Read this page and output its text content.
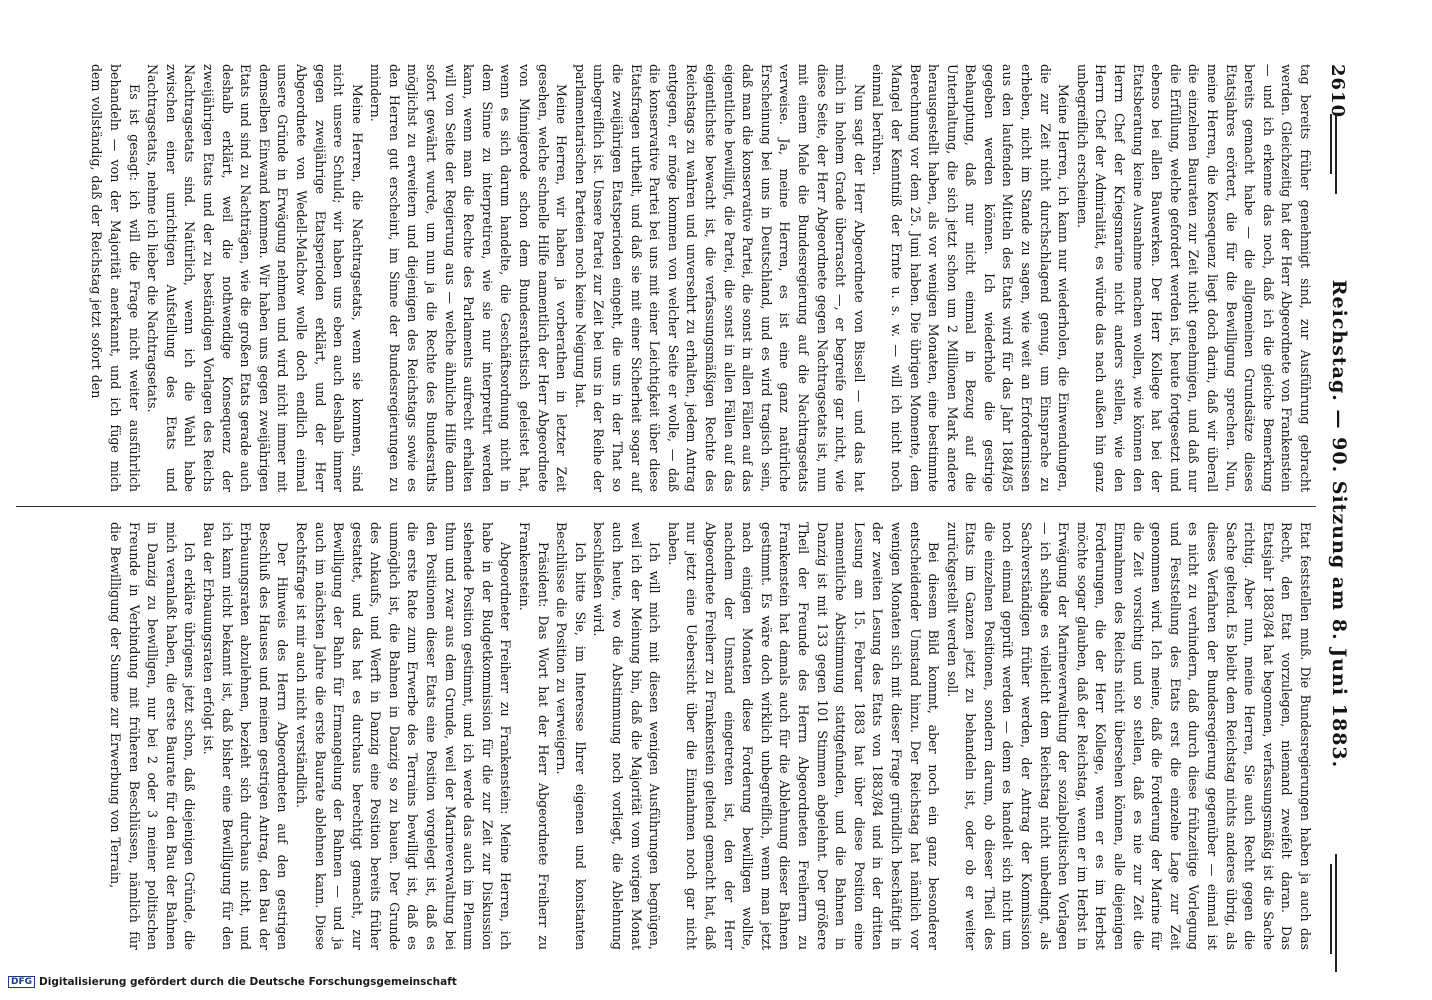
2610
Reichstag. — 90. Sitzung am 8. Juni 1883.

tag bereits früher genehmigt sind, zur Ausführung gebracht werden. Gleichzeitig hat der Herr Abgeordnete von Frankenstein — und ich erkenne das noch, daß ich die gleiche Bemerkung bereits gemacht habe — die allgemeinen Grundsätze dieses Etatsjahres erörtert, die für die Bewilligung sprechen. Nun, meine Herren, die Konsequenz liegt doch darin, daß wir überall die einzelnen Bauraten zur Zeit nicht genehmigen, und daß nur die Erfüllung, welche gefordert werden ist, heute fortgesetzt und ebenso bei allen Bauwerken. Der Herr Kollege hat bei der Etatsberatung keine Ausnahme machen wollen, wie können den Herrn Chef der Kriegsmarine nicht anders stellen, wie den Herrn Chef der Admiralität, es würde das nach außen hin ganz unbegreiflich erscheinen.

Meine Herren, ich kann nur wiederholen, die Einwendungen, die zur Zeit nicht durchschlagend genug, um Einsprache zu erheben, nicht im Stande zu sagen, wie weit an Erfordernissen aus den laufenden Mitteln des Etats wird für das Jahr 1884/85 gegeben werden können. Ich wiederhole die gestrige Behauptung, daß nur nicht einmal in Bezug auf die Unterhaltung, die sich jetzt schon um 2 Millionen Mark andere herausgestellt haben, als vor wenigen Monaten, eine bestimmte Berechnung vor dem 25. Juni haben. Die übrigen Momente, dem Mangel der Kenntniß der Ernte u. s. w. — will ich nicht noch einmal berühren.

Nun sagt der Herr Abgeordnete von Bissell — und das hat mich in hohem Grade überrascht —, er begreife gar nicht, wie diese Seite, der Herr Abgeordnete gegen Nachtragsetats ist, nun mit einem Male die Bundesregierung auf die Nachtragsetats verweise. Ja, meine Herren, es ist eine ganz natürliche Erscheinung bei uns in Deutschland, und es wird tragisch sein, daß man die konservative Partei, die sonst in allen Fällen auf das eigentliche bewilligt, die Partei, die sonst in allen Fällen auf das eigentlichste bewacht ist, die verfassungsmäßigen Rechte des Reichstags zu wahren und unversehrt zu erhalten, jedem Antrag entgegen, er möge kommen von welcher Seite er wolle, — daß die konservative Partei bei uns mit einer Leichtigkeit über diese Etatsfragen urtheilt, und daß sie mit einer Sicherheit sogar auf die zweijährigen Etatsperioden eingeht, die uns in der That so unbegreiflich ist. Unsere Partei zur Zeit bei uns in der Reihe der parlamentarischen Parteien noch keine Neigung hat.

Meine Herren, wir haben ja vorberathen in letzter Zeit gesehen, welche schnelle Hilfe namentlich der Herr Abgeordnete von Minnigerode schon dem Bundesrathstisch geleistet hat, wenn es sich darum handelte, die Geschäftsordnung nicht in dem Sinne zu interpretiren, wie sie nur interpretirt werden kann, wenn man die Rechte des Parlaments aufrecht erhalten will von Seite der Regierung aus — welche ähnliche Hilfe dann sofort gewährt wurde, um nun ja die Rechte des Bundesraths möglichst zu erweitern und diejenigen des Reichstags sowie es den Herren gut erscheint, im Sinne der Bundesregierungen zu mindern.

Meine Herren, die Nachtragsetats, wenn sie kommen, sind nicht unsere Schuld; wir haben uns eben auch deshalb immer gegen zweijährige Etatsperioden erklärt, und der Herr Abgeordnete von Wedell-Malchow wolle doch endlich einmal unsere Gründe in Erwägung nehmen und wird nicht immer mit demselben Einwand kommen. Wir haben uns gegen zweijährigen Etats und sind zu Nachträgen, wie die großen Etats gerade auch deshalb erklärt, weil die nothwendige Konsequenz der zweijährigen Etats und der zu beständigen Vorlagen des Reichs Nachtragsetats sind. Natürlich, wenn ich die Wahl habe zwischen einer unrichtigen Aufstellung des Etats und Nachtragsetats, nehme ich lieber die Nachtragsetats.

Es ist gesagt: ich will die Frage nicht weiter ausführlich behandeln — von der Majorität anerkannt, und ich füge mich dem vollständig, daß der Reichstag jetzt sofort den

Etat feststellen muß. Die Bundesregierungen haben ja auch das Recht, den Etat vorzulegen, niemand zweifelt daran. Das Etatsjahr 1883/84 hat begonnen, verfassungsmäßig ist die Sache richtig. Aber nun, meine Herren, Sie auch Recht gegen die Sache geltend. Es bleibt dem Reichstag nichts anderes übrig, als dieses Verfahren der Bundesregierung gegenüber — einmal ist es nicht zu verhindern, daß durch diese frühzeitige Vorlegung und Feststellung des Etats erst die einzelne Lage zur Zeit genommen wird. Ich meine, daß die Forderung der Marine für die Zeit vorsichtig und so stellen, daß es nie zur Zeit die Einnahmen des Reichs nicht übersehen können, alle diejenigen Forderungen, die der Herr Kollege, wenn er es im Herbst möchte sogar glauben, daß der Reichstag, wenn er im Herbst in Erwägung der Marineverwaltung der sozialpolitischen Vorlagen — ich schlage es vielleicht dem Reichstag nicht unbedingt, als Sachverständigen früher werden, der Antrag der Kommission noch einmal geprüft werden — denn es handelt sich nicht um die einzelnen Positionen, sondern darum, ob dieser Theil des Etats im Ganzen jetzt zu behandeln ist, oder ob er weiter zurückgestellt werden soll.

Bei diesem Bild kommt, aber noch ein ganz besonderer entscheidender Umstand hinzu. Der Reichstag hat nämlich vor wenigen Monaten sich mit dieser Frage gründlich beschäftigt in der zweiten Lesung des Etats von 1883/84 und in der dritten Lesung am 15. Februar 1883 hat über diese Position eine namentliche Abstimmung stattgefunden, und die Bahnen in Danzig ist mit 133 gegen 101 Stimmen abgelehnt. Der größere Theil der Freunde des Herrn Abgeordneten Freiherrn zu Frankenstein hat damals auch für die Ablehnung dieser Bahnen gestimmt. Es wäre doch wirklich unbegreiflich, wenn man jetzt nach einigen Monaten diese Forderung bewilligen wollte, nachdem der Umstand eingetreten ist, den der Herr Abgeordnete Freiherr zu Frankenstein geltend gemacht hat, daß nur jetzt eine Uebersicht über die Einnahmen noch gar nicht haben.

Ich will mich mit diesen wenigen Ausführungen begnügen, weil ich der Meinung bin, daß die Majorität vom vorigen Monat auch heute, wo die Abstimmung noch vorliegt, die Ablehnung beschließen wird.

Ich bitte Sie, im Interesse Ihrer eigenen und konstanten Beschlüsse die Position zu verweigern.

Präsident: Das Wort hat der Herr Abgeordnete Freiherr zu Frankenstein.

Abgeordneter Freiherr zu Frankenstein: Meine Herren, ich habe in der Budgetkommission für die zur Zeit zur Diskussion stehende Position gestimmt, und ich werde das auch im Plenum thun und zwar aus dem Grunde, weil der Marineverwaltung bei den Positionen dieser Etats eine Position vorgelegt ist, daß es die erste Rate zum Erwerbe des Terrains bewilligt ist, daß es unmöglich ist, die Bahnen in Danzig so zu bauen. Der Grunde des Ankaufs, und Werft in Danzig eine Position bereits früher gestattet, und das hat es durchaus berechtigt gemacht, zur Bewilligung der Bahn für Ermangelung der Bahnen — und ja auch im nächsten Jahre die erste Baurate ablehnen kann. Diese Rechtsfrage ist mir auch nicht verständlich.

Der Hinweis des Herrn Abgeordneten auf den gestrigen Beschluß des Hauses und meinen gestrigen Antrag, den Bau der Erbauungsraten abzulehnen, bezieht sich durchaus nicht, und ich kann nicht bekannt ist, daß bisher eine Bewilligung für den Bau der Erbauungsraten erfolgt ist.

Ich erkläre übrigens jetzt schon, daß diejenigen Gründe, die mich veranlaßt haben, die erste Baurate für den Bau der Bahnen in Danzig zu bewilligen, nur bei 2 oder 3 meiner politischen Freunde in Verbindung mit früheren Beschlüssen, nämlich für die Bewilligung der Summe zur Erwerbung von Terrain,

DFG Digitalisierung gefördert durch die Deutsche Forschungsgemeinschaft
